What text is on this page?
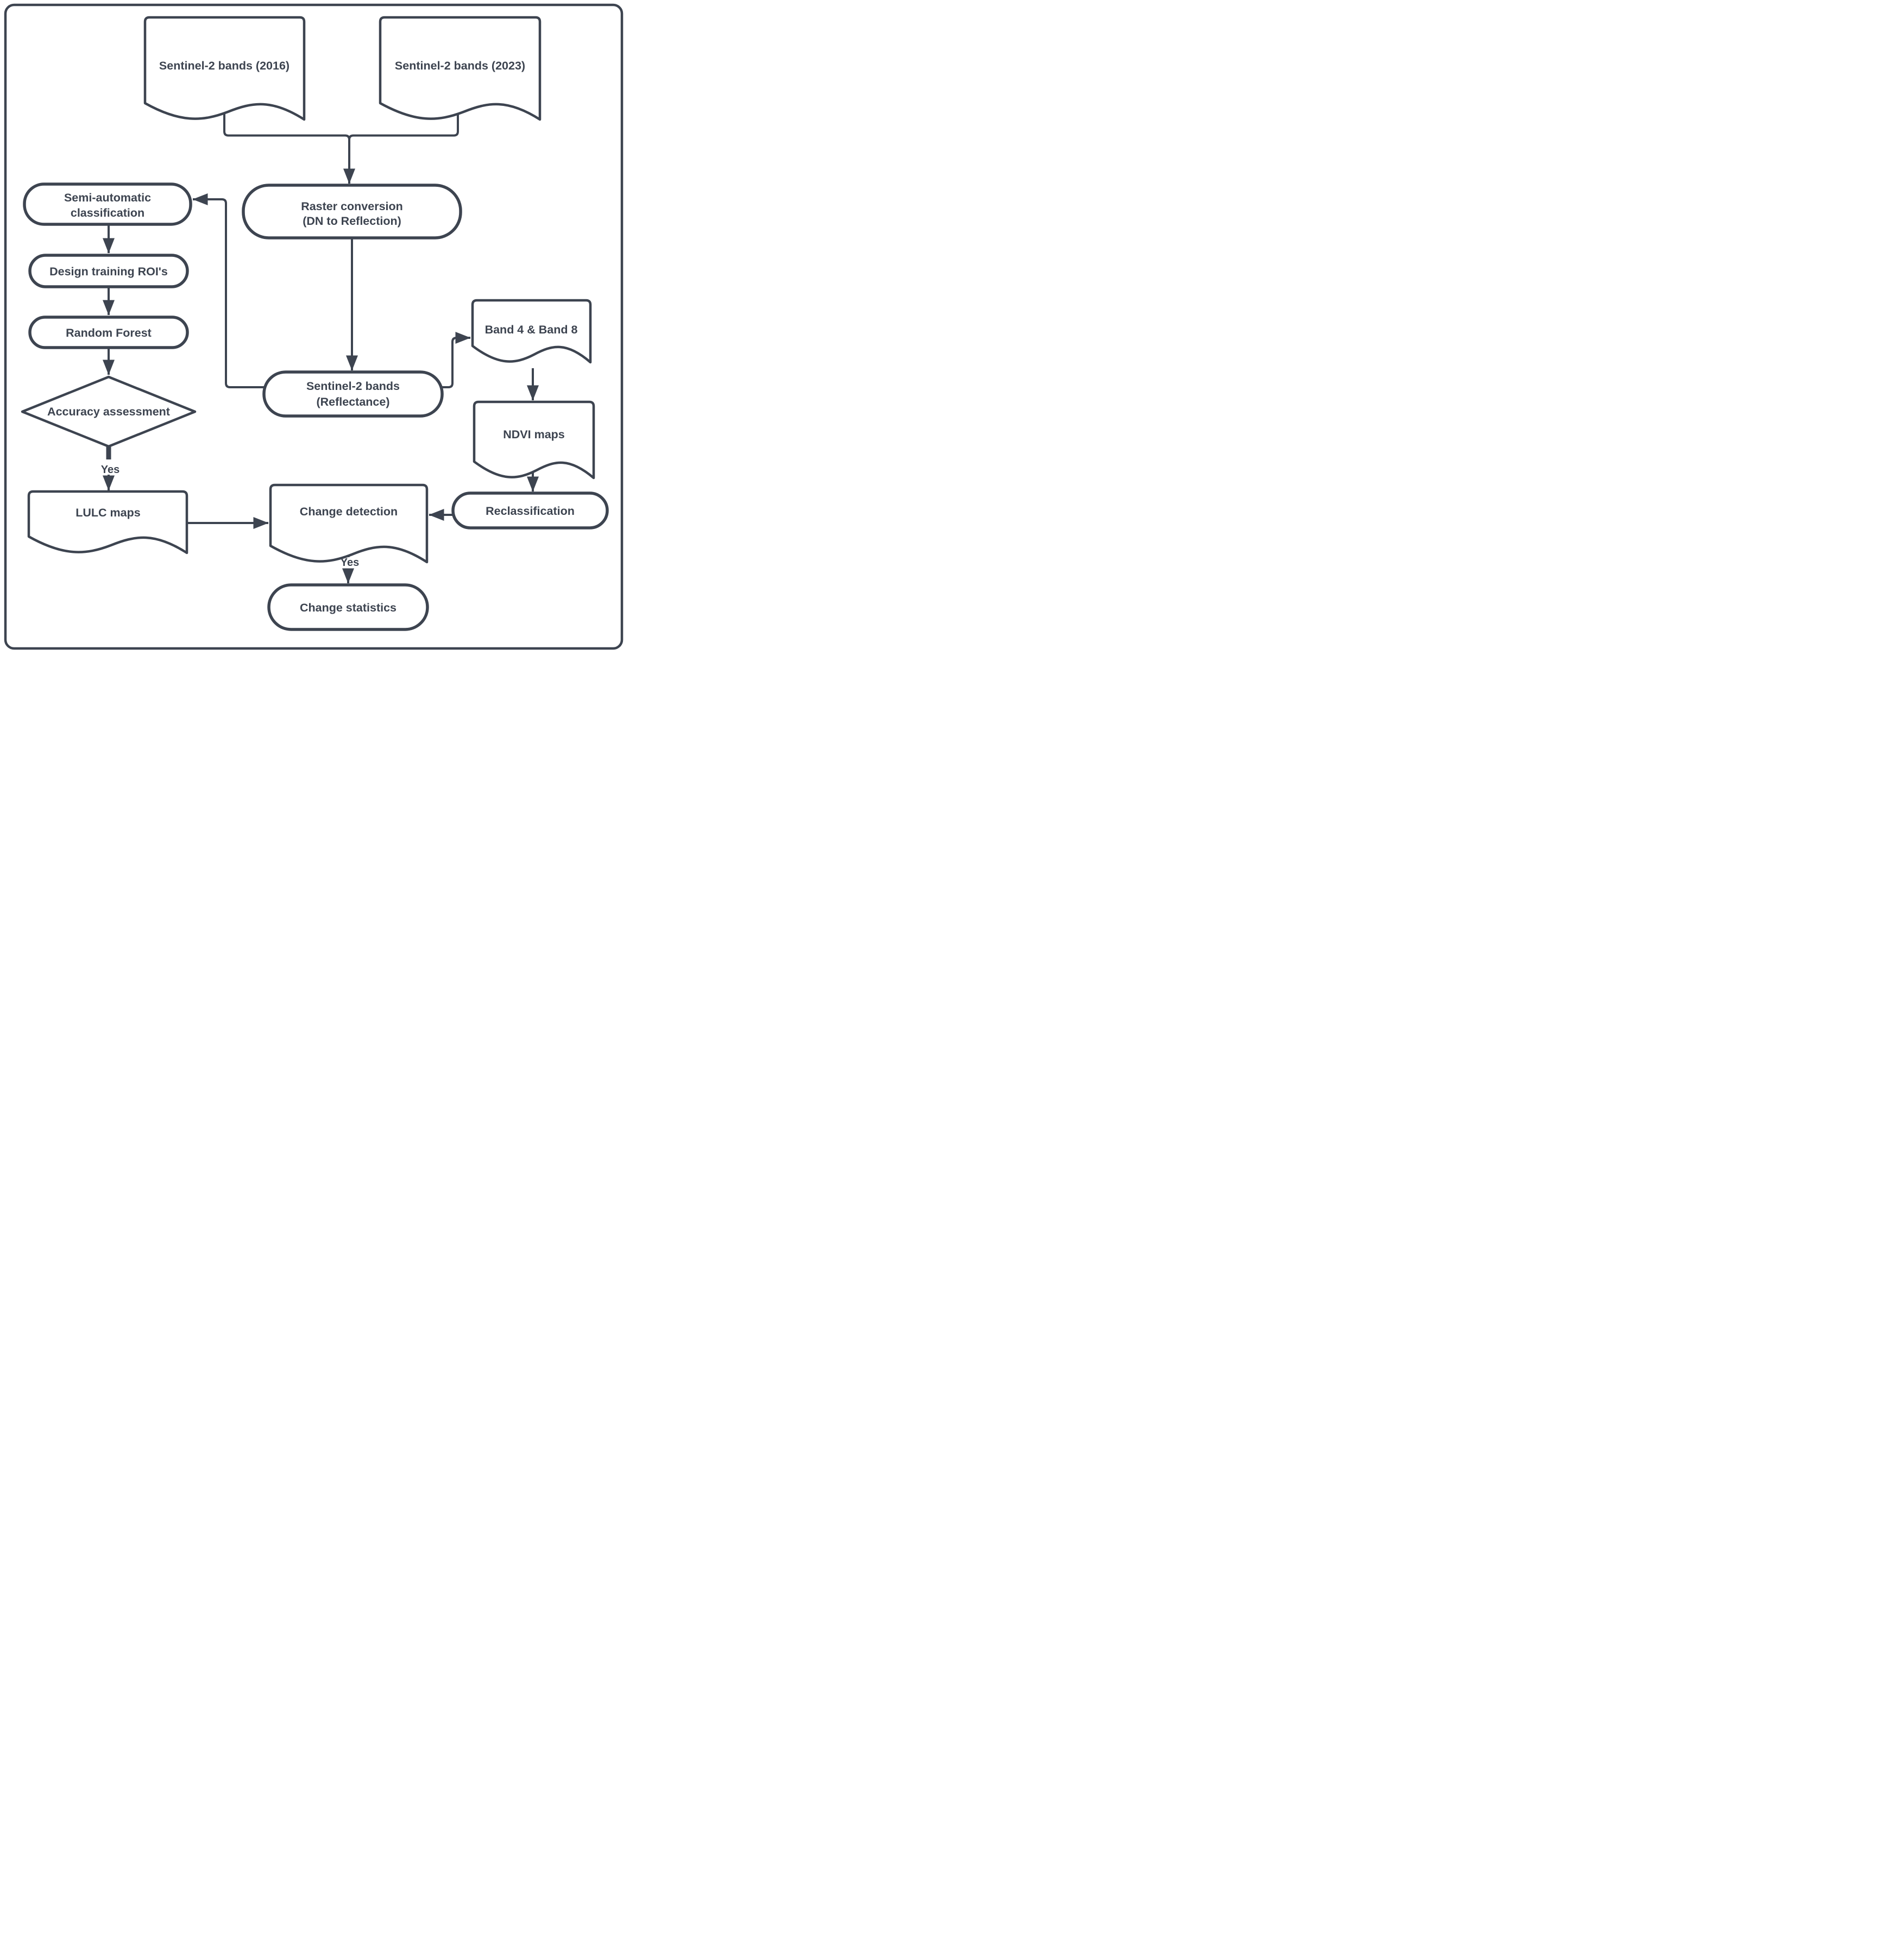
Sentinel-2 bands (2016)	Sentinel-2 bands (2023)
Raster conversion
(DN to Reflection)
Semi-automatic
classification
Design training ROI's
Random Forest
Accuracy assessment
Yes
Sentinel-2 bands
(Reflectance)
Band 4 & Band 8
NDVI maps
Reclassification
LULC maps	Change detection
Yes
Change statistics
